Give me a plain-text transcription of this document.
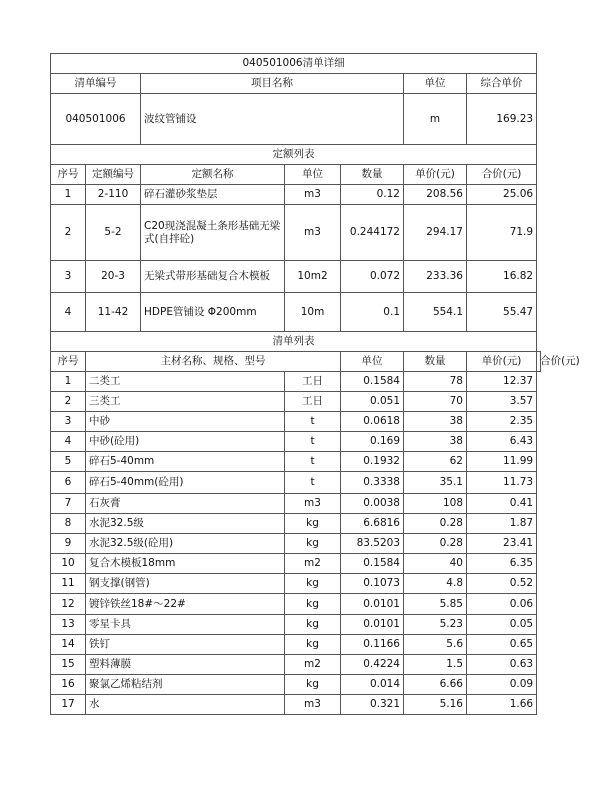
040501006清单详细							
清单编号		项目名称			单位	综合单价	
040501006		波纹管铺设			m	169.23	
定额列表							
序号	定额编号	定额名称	单位	数量	单价(元)	合价(元)	
1	2-110	碎石灌砂浆垫层	m3	0.12	208.56	25.06	
2	5-2	C20现浇混凝土条形基础无梁式(自拌砼)	m3	0.244172	294.17	71.9	
3	20-3	无梁式带形基础复合木模板	10m2	0.072	233.36	16.82	
4	11-42	HDPE管铺设 Φ200mm	10m	0.1	554.1	55.47	
清单列表							
序号	主材名称、规格、型号			单位	数量	单价(元)	合价(元)
1	二类工		工日	0.1584	78	12.37	
2	三类工		工日	0.051	70	3.57	
3	中砂		t	0.0618	38	2.35	
4	中砂(砼用)		t	0.169	38	6.43	
5	碎石5-40mm		t	0.1932	62	11.99	
6	碎石5-40mm(砼用)		t	0.3338	35.1	11.73	
7	石灰膏		m3	0.0038	108	0.41	
8	水泥32.5级		kg	6.6816	0.28	1.87	
9	水泥32.5级(砼用)		kg	83.5203	0.28	23.41	
10	复合木模板18mm		m2	0.1584	40	6.35	
11	钢支撑(钢管)		kg	0.1073	4.8	0.52	
12	镀锌铁丝18#～22#		kg	0.0101	5.85	0.06	
13	零星卡具		kg	0.0101	5.23	0.05	
14	铁钉		kg	0.1166	5.6	0.65	
15	塑料薄膜		m2	0.4224	1.5	0.63	
16	聚氯乙烯粘结剂		kg	0.014	6.66	0.09	
17	水		m3	0.321	5.16	1.66	
